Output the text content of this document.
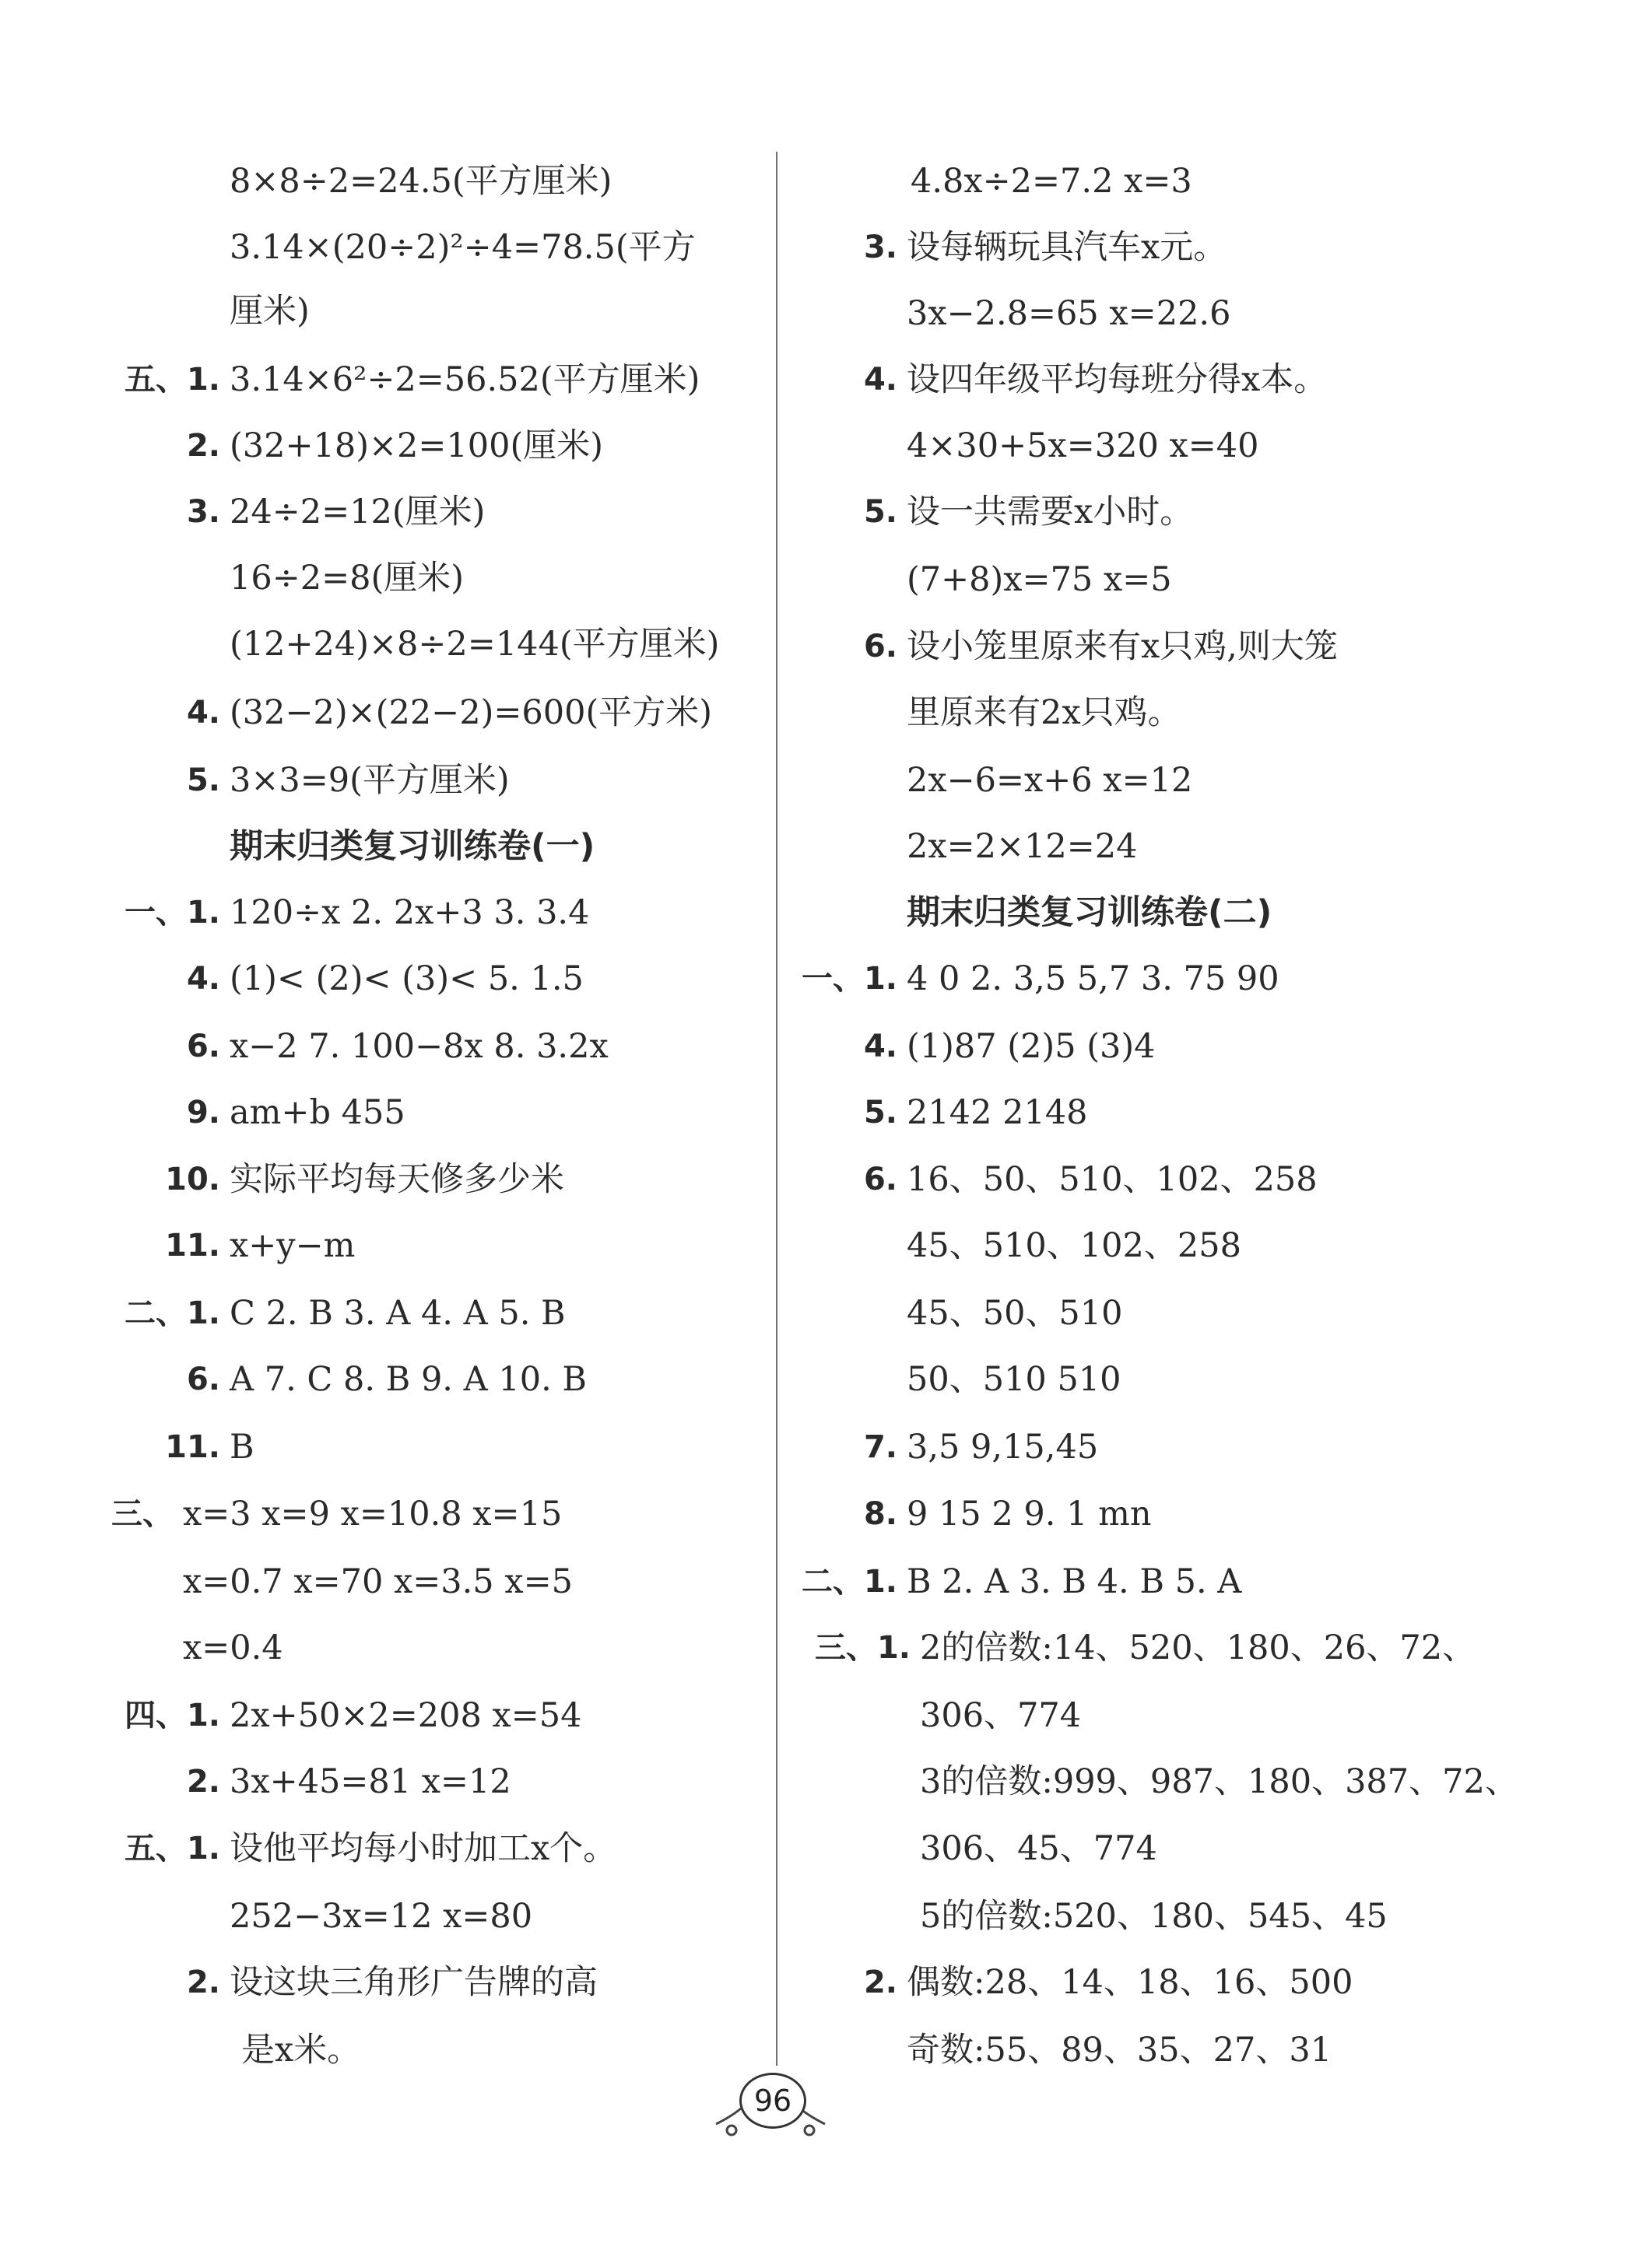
8×8÷2=24.5(平方厘米)
3.14×(20÷2)²÷4=78.5(平方
厘米)
五、1. 3.14×6²÷2=56.52(平方厘米)
2. (32+18)×2=100(厘米)
3. 24÷2=12(厘米)
16÷2=8(厘米)
(12+24)×8÷2=144(平方厘米)
4. (32−2)×(22−2)=600(平方米)
5. 3×3=9(平方厘米)
期末归类复习训练卷(一)
一、1. 120÷x 2. 2x+3 3. 3.4
4. (1)< (2)< (3)< 5. 1.5
6. x−2 7. 100−8x 8. 3.2x
9. am+b 455
10. 实际平均每天修多少米
11. x+y−m
二、1. C 2. B 3. A 4. A 5. B
6. A 7. C 8. B 9. A 10. B
11. B
三、 x=3 x=9 x=10.8 x=15
x=0.7 x=70 x=3.5 x=5
x=0.4
四、1. 2x+50×2=208 x=54
2. 3x+45=81 x=12
五、1. 设他平均每小时加工x个。
252−3x=12 x=80
2. 设这块三角形广告牌的高
是x米。
4.8x÷2=7.2 x=3
3. 设每辆玩具汽车x元。
3x−2.8=65 x=22.6
4. 设四年级平均每班分得x本。
4×30+5x=320 x=40
5. 设一共需要x小时。
(7+8)x=75 x=5
6. 设小笼里原来有x只鸡,则大笼
里原来有2x只鸡。
2x−6=x+6 x=12
2x=2×12=24
期末归类复习训练卷(二)
一、1. 4 0 2. 3,5 5,7 3. 75 90
4. (1)87 (2)5 (3)4
5. 2142 2148
6. 16、50、510、102、258
45、510、102、258
45、50、510
50、510 510
7. 3,5 9,15,45
8. 9 15 2 9. 1 mn
二、1. B 2. A 3. B 4. B 5. A
三、1. 2的倍数:14、520、180、26、72、
306、774
3的倍数:999、987、180、387、72、
306、45、774
5的倍数:520、180、545、45
2. 偶数:28、14、18、16、500
奇数:55、89、35、27、31
96
